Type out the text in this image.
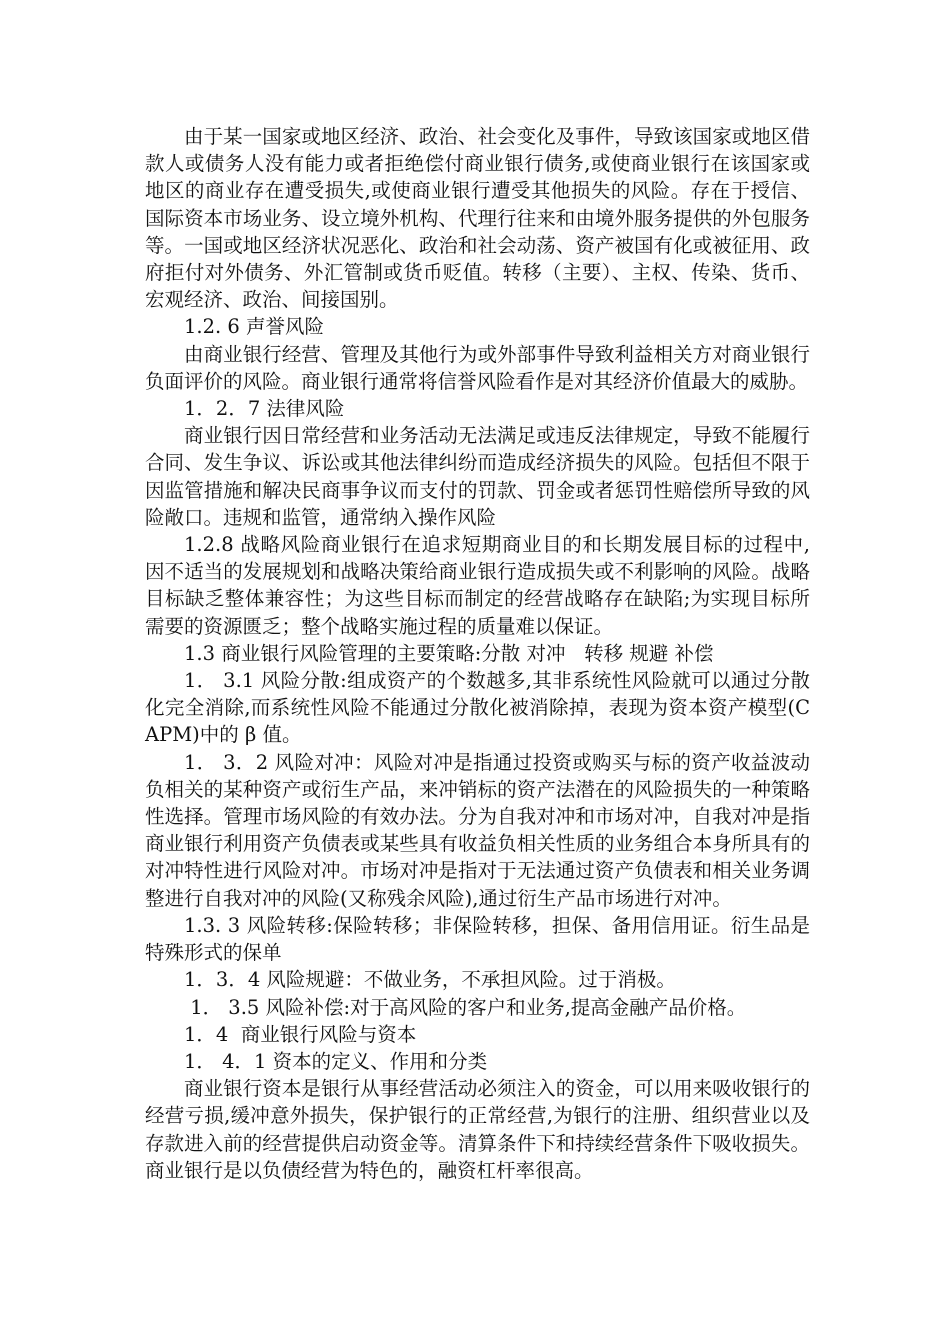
由于某一国家或地区经济、政治、社会变化及事件，导致该国家或地区借款人或债务人没有能力或者拒绝偿付商业银行债务,或使商业银行在该国家或地区的商业存在遭受损失,或使商业银行遭受其他损失的风险。存在于授信、国际资本市场业务、设立境外机构、代理行往来和由境外服务提供的外包服务等。一国或地区经济状况恶化、政治和社会动荡、资产被国有化或被征用、政府拒付对外债务、外汇管制或货币贬值。转移（主要）、主权、传染、货币、宏观经济、政治、间接国别。

1.2. 6 声誉风险

由商业银行经营、管理及其他行为或外部事件导致利益相关方对商业银行负面评价的风险。商业银行通常将信誉风险看作是对其经济价值最大的威胁。

1．2．7 法律风险

商业银行因日常经营和业务活动无法满足或违反法律规定，导致不能履行合同、发生争议、诉讼或其他法律纠纷而造成经济损失的风险。包括但不限于因监管措施和解决民商事争议而支付的罚款、罚金或者惩罚性赔偿所导致的风险敞口。违规和监管，通常纳入操作风险

1.2.8 战略风险商业银行在追求短期商业目的和长期发展目标的过程中,因不适当的发展规划和战略决策给商业银行造成损失或不利影响的风险。战略目标缺乏整体兼容性；为这些目标而制定的经营战略存在缺陷;为实现目标所需要的资源匮乏；整个战略实施过程的质量难以保证。

1.3 商业银行风险管理的主要策略:分散 对冲   转移 规避 补偿

1． 3.1 风险分散:组成资产的个数越多,其非系统性风险就可以通过分散化完全消除,而系统性风险不能通过分散化被消除掉，表现为资本资产模型(CAPM)中的 β 值。

1． 3．2 风险对冲：风险对冲是指通过投资或购买与标的资产收益波动负相关的某种资产或衍生产品，来冲销标的资产法潜在的风险损失的一种策略性选择。管理市场风险的有效办法。分为自我对冲和市场对冲，自我对冲是指商业银行利用资产负债表或某些具有收益负相关性质的业务组合本身所具有的对冲特性进行风险对冲。市场对冲是指对于无法通过资产负债表和相关业务调整进行自我对冲的风险(又称残余风险),通过衍生产品市场进行对冲。

1.3. 3 风险转移:保险转移；非保险转移，担保、备用信用证。衍生品是特殊形式的保单

1．3．4 风险规避：不做业务，不承担风险。过于消极。

1． 3.5 风险补偿:对于高风险的客户和业务,提高金融产品价格。

1．4  商业银行风险与资本

1． 4．1 资本的定义、作用和分类

商业银行资本是银行从事经营活动必须注入的资金，可以用来吸收银行的经营亏损,缓冲意外损失，保护银行的正常经营,为银行的注册、组织营业以及存款进入前的经营提供启动资金等。清算条件下和持续经营条件下吸收损失。商业银行是以负债经营为特色的，融资杠杆率很高。
